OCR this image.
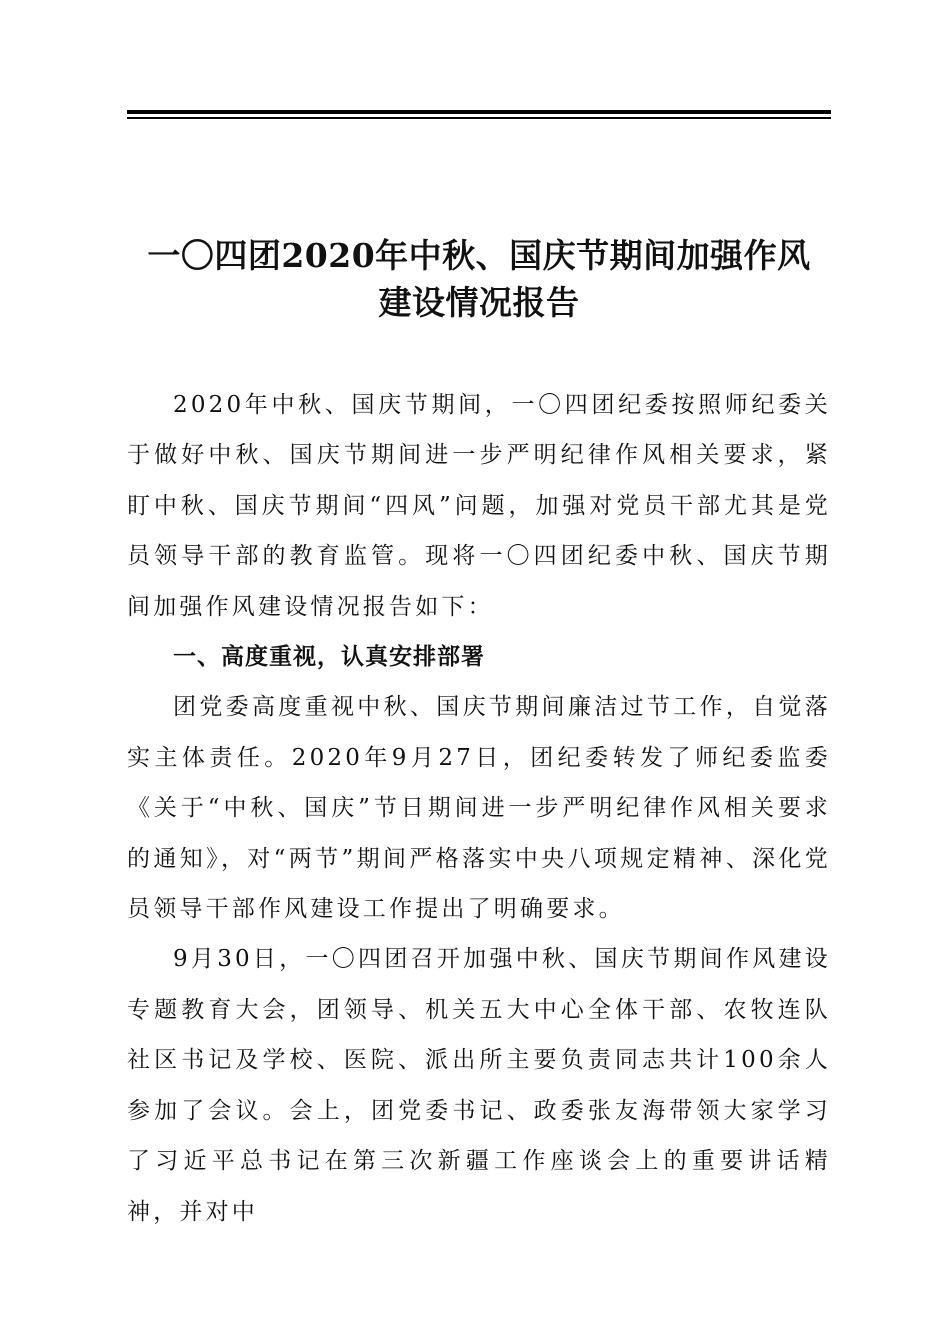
一〇四团2020年中秋、国庆节期间加强作风
建设情况报告

2020年中秋、国庆节期间，一〇四团纪委按照师纪委关于做好中秋、国庆节期间进一步严明纪律作风相关要求，紧盯中秋、国庆节期间“四风”问题，加强对党员干部尤其是党员领导干部的教育监管。现将一〇四团纪委中秋、国庆节期间加强作风建设情况报告如下：

一、高度重视，认真安排部署

团党委高度重视中秋、国庆节期间廉洁过节工作，自觉落实主体责任。2020年9月27日，团纪委转发了师纪委监委《关于“中秋、国庆”节日期间进一步严明纪律作风相关要求的通知》，对“两节”期间严格落实中央八项规定精神、深化党员领导干部作风建设工作提出了明确要求。

9月30日，一〇四团召开加强中秋、国庆节期间作风建设专题教育大会，团领导、机关五大中心全体干部、农牧连队社区书记及学校、医院、派出所主要负责同志共计100余人参加了会议。会上，团党委书记、政委张友海带领大家学习了习近平总书记在第三次新疆工作座谈会上的重要讲话精神，并对中
